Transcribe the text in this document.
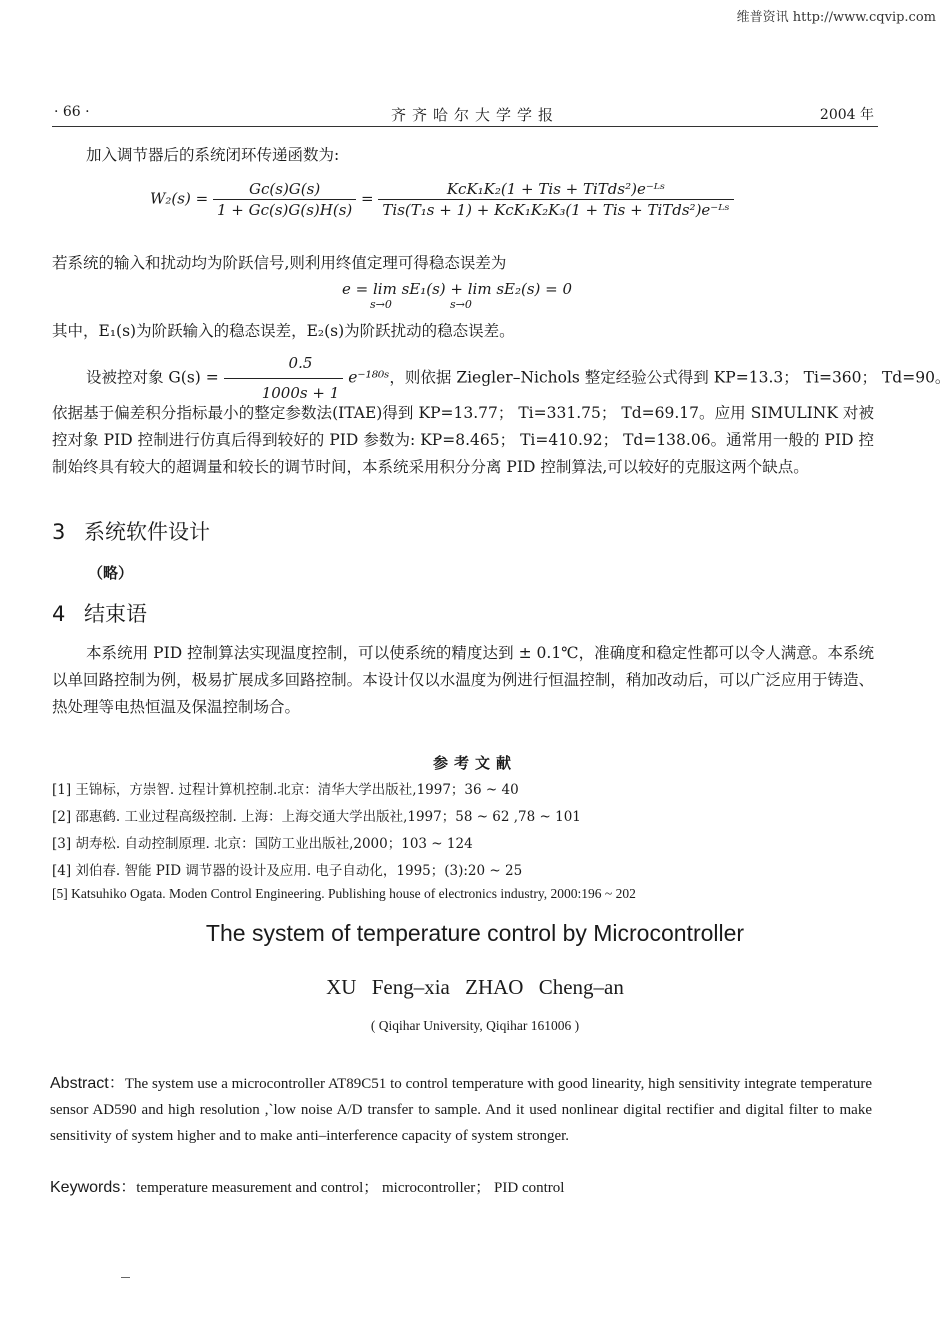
维普资讯 http://www.cqvip.com
· 66 ·	齐齐哈尔大学学报	2004 年
加入调节器后的系统闭环传递函数为:
$W_2(s) = \frac{Gc(s)G(s)}{1 + Gc(s)G(s)H(s)} = \frac{\text{KcK₁K₂(1 + Tis + TiTds²)e⁻ᴸˢ}}{\text{Tis(T₁s + 1) + KcK₁K₂K₃(1 + Tis + TiTds²)e⁻ᴸˢ}}$
若系统的输入和扰动均为阶跃信号,则利用终值定理可得稳态误差为
e = lim sE₁(s) + lim sE₂(s) = 0
s→0	s→0
其中，E₁(s)为阶跃输入的稳态误差，E₂(s)为阶跃扰动的稳态误差。
设被控对象 $G(s) = \frac{0.5}{1000s + 1}$ e⁻¹⁸⁰ˢ，则依据 Ziegler–Nichols 整定经验公式得到 KP=13.3； Ti=360； Td=90。
依据基于偏差积分指标最小的整定参数法(ITAE)得到 KP=13.77； Ti=331.75； Td=69.17。应用 SIMULINK 对被控对象 PID 控制进行仿真后得到较好的 PID 参数为: KP=8.465； Ti=410.92； Td=138.06。通常用一般的 PID 控制始终具有较大的超调量和较长的调节时间，本系统采用积分分离 PID 控制算法,可以较好的克服这两个缺点。
3 系统软件设计
（略）
4 结束语
本系统用 PID 控制算法实现温度控制，可以使系统的精度达到 ± 0.1℃，准确度和稳定性都可以令人满意。本系统以单回路控制为例，极易扩展成多回路控制。本设计仅以水温度为例进行恒温控制，稍加改动后，可以广泛应用于铸造、热处理等电热恒温及保温控制场合。
参考文献
[1] 王锦标，方崇智. 过程计算机控制.北京：清华大学出版社,1997；36 ~ 40
[2] 邵惠鹤. 工业过程高级控制. 上海：上海交通大学出版社,1997；58 ~ 62 ,78 ~ 101
[3] 胡寿松. 自动控制原理. 北京：国防工业出版社,2000；103 ~ 124
[4] 刘伯春. 智能 PID 调节器的设计及应用. 电子自动化，1995；(3):20 ~ 25
[5] Katsuhiko Ogata. Moden Control Engineering. Publishing house of electronics industry, 2000:196 ~ 202
The system of temperature control by Microcontroller
XU Feng–xia ZHAO Cheng–an
( Qiqihar University, Qiqihar 161006 )
Abstract：The system use a microcontroller AT89C51 to control temperature with good linearity, high sensitivity integrate temperature sensor AD590 and high resolution ,`low noise A/D transfer to sample. And it used nonlinear digital rectifier and digital filter to make sensitivity of system higher and to make anti–interference capacity of system stronger.
Keywords：temperature measurement and control； microcontroller； PID control
